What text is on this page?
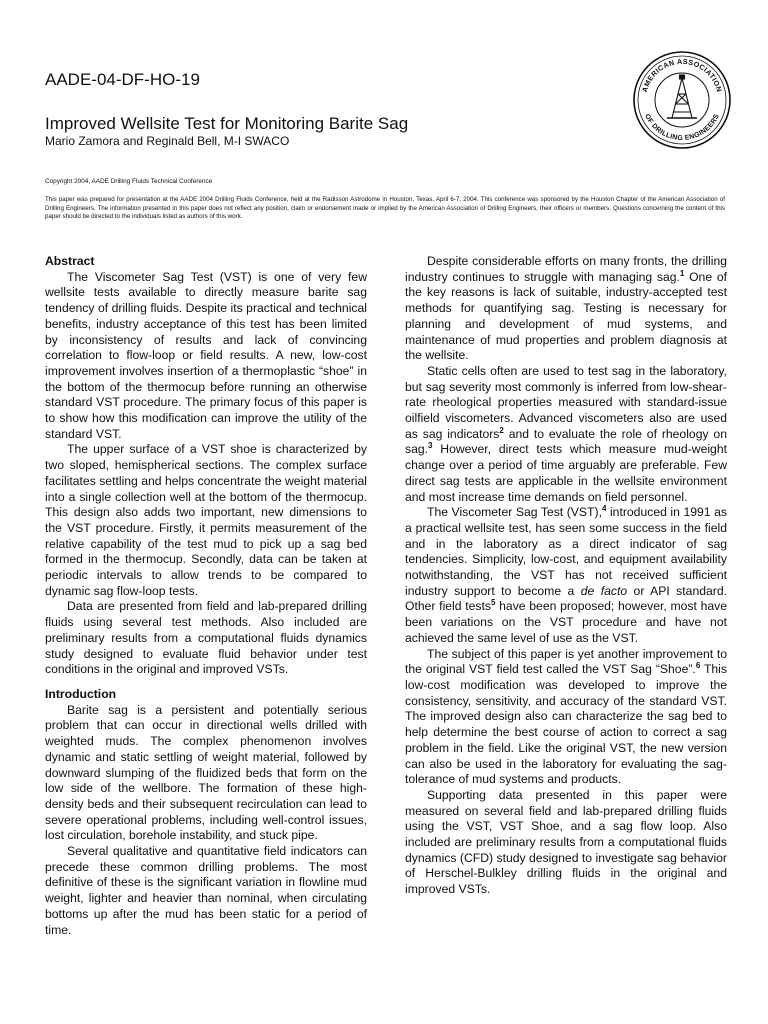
AADE-04-DF-HO-19
Improved Wellsite Test for Monitoring Barite Sag
Mario Zamora and Reginald Bell, M-I SWACO
AMERICAN ASSOCIATION
OF DRILLING ENGINEERS
Copyright 2004, AADE Drilling Fluids Technical Conference
This paper was prepared for presentation at the AADE 2004 Drilling Fluids Conference, held at the Radisson Astrodome in Houston, Texas, April 6-7, 2004. This conference was sponsored by the Houston Chapter of the American Association of Drilling Engineers. The information presented in this paper does not reflect any position, claim or endorsement made or implied by the American Association of Drilling Engineers, their officers or members. Questions concerning the content of this paper should be directed to the individuals listed as authors of this work.
Abstract

The Viscometer Sag Test (VST) is one of very few wellsite tests available to directly measure barite sag tendency of drilling fluids. Despite its practical and technical benefits, industry acceptance of this test has been limited by inconsistency of results and lack of convincing correlation to flow-loop or field results. A new, low-cost improvement involves insertion of a thermoplastic “shoe” in the bottom of the thermocup before running an otherwise standard VST procedure. The primary focus of this paper is to show how this modification can improve the utility of the standard VST.

The upper surface of a VST shoe is characterized by two sloped, hemispherical sections. The complex surface facilitates settling and helps concentrate the weight material into a single collection well at the bottom of the thermocup. This design also adds two important, new dimensions to the VST procedure. Firstly, it permits measurement of the relative capability of the test mud to pick up a sag bed formed in the thermocup. Secondly, data can be taken at periodic intervals to allow trends to be compared to dynamic sag flow-loop tests.

Data are presented from field and lab-prepared drilling fluids using several test methods. Also included are preliminary results from a computational fluids dynamics study designed to evaluate fluid behavior under test conditions in the original and improved VSTs.

Introduction

Barite sag is a persistent and potentially serious problem that can occur in directional wells drilled with weighted muds. The complex phenomenon involves dynamic and static settling of weight material, followed by downward slumping of the fluidized beds that form on the low side of the wellbore. The formation of these high-density beds and their subsequent recirculation can lead to severe operational problems, including well-control issues, lost circulation, borehole instability, and stuck pipe.

Several qualitative and quantitative field indicators can precede these common drilling problems. The most definitive of these is the significant variation in flowline mud weight, lighter and heavier than nominal, when circulating bottoms up after the mud has been static for a period of time.

Despite considerable efforts on many fronts, the drilling industry continues to struggle with managing sag.$^1$ One of the key reasons is lack of suitable, industry-accepted test methods for quantifying sag. Testing is necessary for planning and development of mud systems, and maintenance of mud properties and problem diagnosis at the wellsite.

Static cells often are used to test sag in the laboratory, but sag severity most commonly is inferred from low-shear-rate rheological properties measured with standard-issue oilfield viscometers. Advanced viscometers also are used as sag indicators$^2$ and to evaluate the role of rheology on sag.$^3$ However, direct tests which measure mud-weight change over a period of time arguably are preferable. Few direct sag tests are applicable in the wellsite environment and most increase time demands on field personnel.

The Viscometer Sag Test (VST),$^4$ introduced in 1991 as a practical wellsite test, has seen some success in the field and in the laboratory as a direct indicator of sag tendencies. Simplicity, low-cost, and equipment availability notwithstanding, the VST has not received sufficient industry support to become a de facto or API standard. Other field tests$^5$ have been proposed; however, most have been variations on the VST procedure and have not achieved the same level of use as the VST.

The subject of this paper is yet another improvement to the original VST field test called the VST Sag “Shoe”.$^6$ This low-cost modification was developed to improve the consistency, sensitivity, and accuracy of the standard VST. The improved design also can characterize the sag bed to help determine the best course of action to correct a sag problem in the field. Like the original VST, the new version can also be used in the laboratory for evaluating the sag-tolerance of mud systems and products.

Supporting data presented in this paper were measured on several field and lab-prepared drilling fluids using the VST, VST Shoe, and a sag flow loop. Also included are preliminary results from a computational fluids dynamics (CFD) study designed to investigate sag behavior of Herschel-Bulkley drilling fluids in the original and improved VSTs.
